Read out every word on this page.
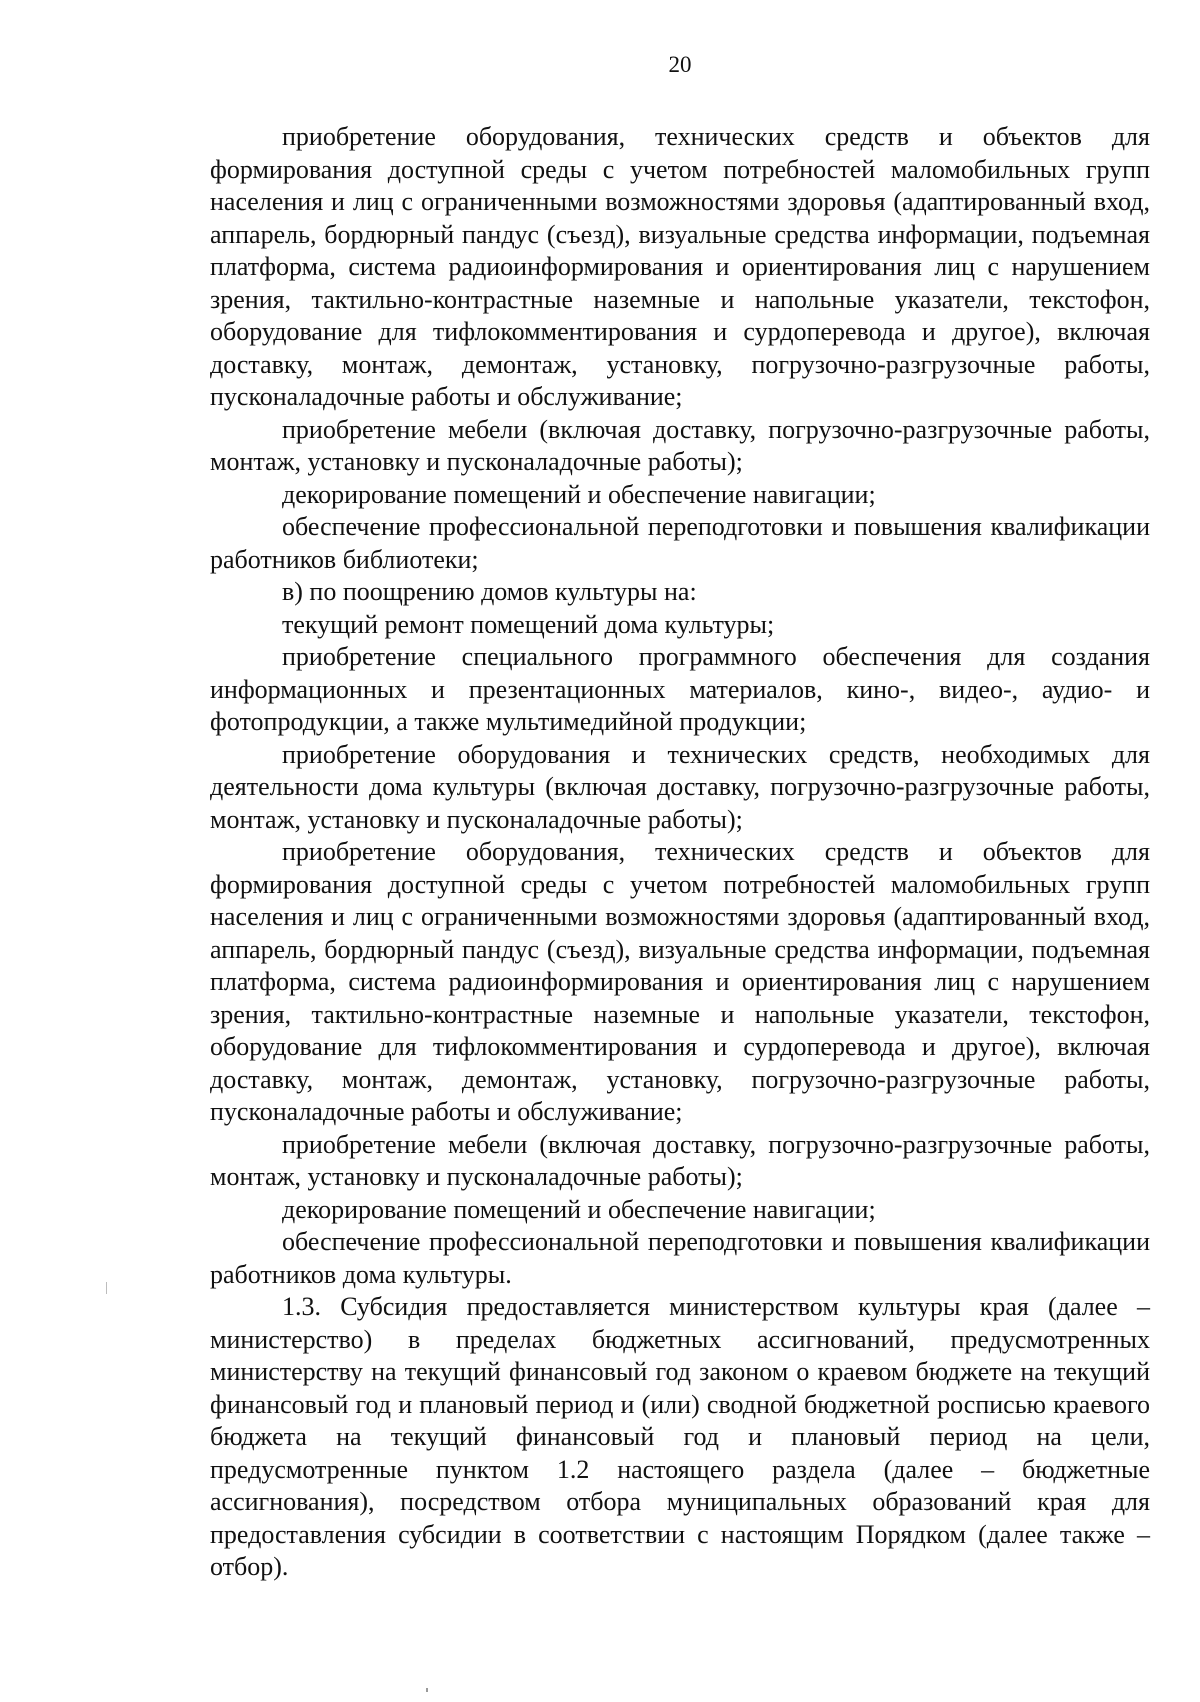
20

приобретение оборудования, технических средств и объектов для формирования доступной среды с учетом потребностей маломобильных групп населения и лиц с ограниченными возможностями здоровья (адаптированный вход, аппарель, бордюрный пандус (съезд), визуальные средства информации, подъемная платформа, система радиоинформирования и ориентирования лиц с нарушением зрения, тактильно-контрастные наземные и напольные указатели, текстофон, оборудование для тифлокомментирования и сурдоперевода и другое), включая доставку, монтаж, демонтаж, установку, погрузочно-разгрузочные работы, пусконаладочные работы и обслуживание;

приобретение мебели (включая доставку, погрузочно-разгрузочные работы, монтаж, установку и пусконаладочные работы);

декорирование помещений и обеспечение навигации;

обеспечение профессиональной переподготовки и повышения квалификации работников библиотеки;

в) по поощрению домов культуры на:

текущий ремонт помещений дома культуры;

приобретение специального программного обеспечения для создания информационных и презентационных материалов, кино-, видео-, аудио- и фотопродукции, а также мультимедийной продукции;

приобретение оборудования и технических средств, необходимых для деятельности дома культуры (включая доставку, погрузочно-разгрузочные работы, монтаж, установку и пусконаладочные работы);

приобретение оборудования, технических средств и объектов для формирования доступной среды с учетом потребностей маломобильных групп населения и лиц с ограниченными возможностями здоровья (адаптированный вход, аппарель, бордюрный пандус (съезд), визуальные средства информации, подъемная платформа, система радиоинформирования и ориентирования лиц с нарушением зрения, тактильно-контрастные наземные и напольные указатели, текстофон, оборудование для тифлокомментирования и сурдоперевода и другое), включая доставку, монтаж, демонтаж, установку, погрузочно-разгрузочные работы, пусконаладочные работы и обслуживание;

приобретение мебели (включая доставку, погрузочно-разгрузочные работы, монтаж, установку и пусконаладочные работы);

декорирование помещений и обеспечение навигации;

обеспечение профессиональной переподготовки и повышения квалификации работников дома культуры.

1.3. Субсидия предоставляется министерством культуры края (далее – министерство) в пределах бюджетных ассигнований, предусмотренных министерству на текущий финансовый год законом о краевом бюджете на текущий финансовый год и плановый период и (или) сводной бюджетной росписью краевого бюджета на текущий финансовый год и плановый период на цели, предусмотренные пунктом 1.2 настоящего раздела (далее – бюджетные ассигнования), посредством отбора муниципальных образований края для предоставления субсидии в соответствии с настоящим Порядком (далее также – отбор).
